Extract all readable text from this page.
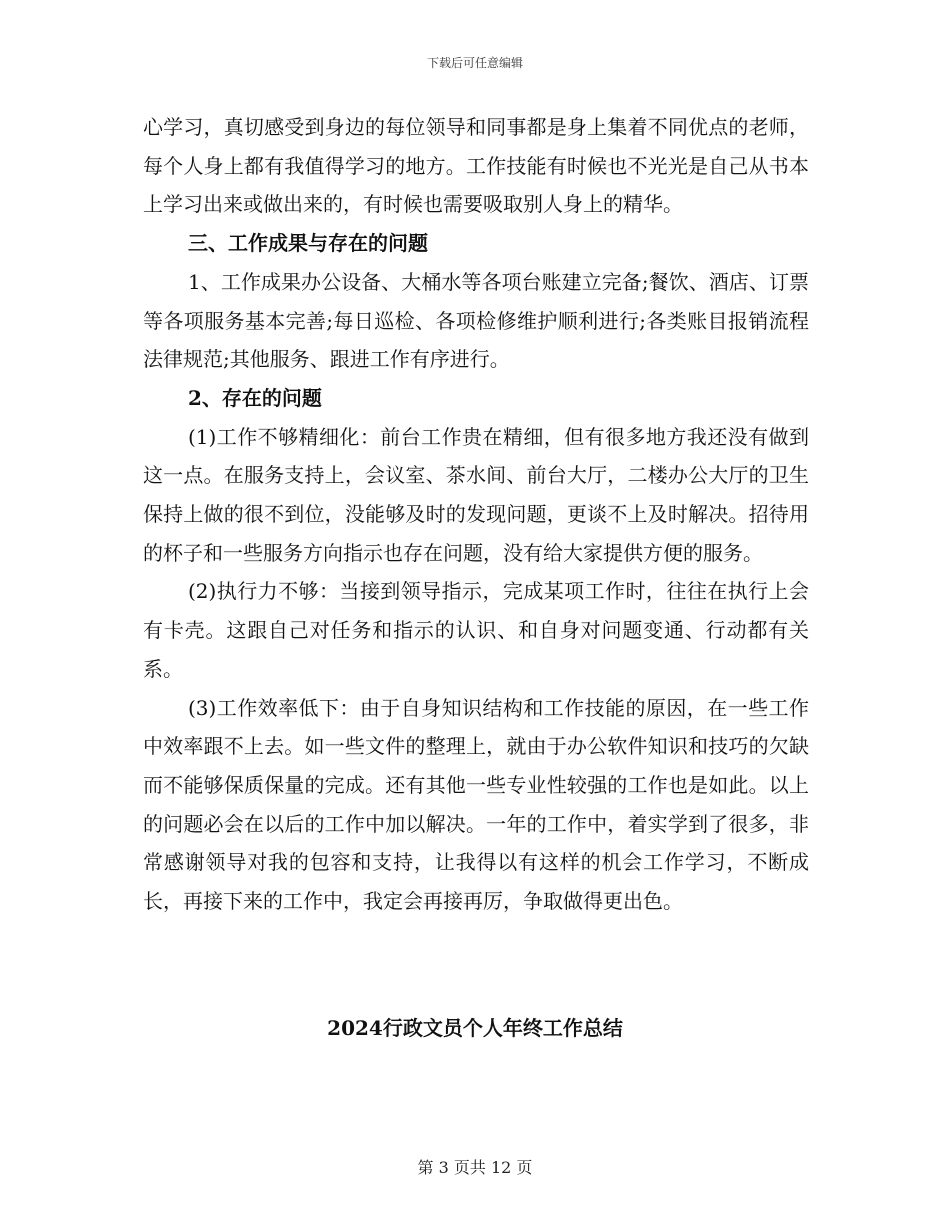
下载后可任意编辑

心学习，真切感受到身边的每位领导和同事都是身上集着不同优点的老师，每个人身上都有我值得学习的地方。工作技能有时候也不光光是自己从书本上学习出来或做出来的，有时候也需要吸取别人身上的精华。

三、工作成果与存在的问题

1、工作成果办公设备、大桶水等各项台账建立完备;餐饮、酒店、订票等各项服务基本完善;每日巡检、各项检修维护顺利进行;各类账目报销流程法律规范;其他服务、跟进工作有序进行。

2、存在的问题

(1)工作不够精细化：前台工作贵在精细，但有很多地方我还没有做到这一点。在服务支持上，会议室、茶水间、前台大厅，二楼办公大厅的卫生保持上做的很不到位，没能够及时的发现问题，更谈不上及时解决。招待用的杯子和一些服务方向指示也存在问题，没有给大家提供方便的服务。

(2)执行力不够：当接到领导指示，完成某项工作时，往往在执行上会有卡壳。这跟自己对任务和指示的认识、和自身对问题变通、行动都有关系。

(3)工作效率低下：由于自身知识结构和工作技能的原因，在一些工作中效率跟不上去。如一些文件的整理上，就由于办公软件知识和技巧的欠缺而不能够保质保量的完成。还有其他一些专业性较强的工作也是如此。以上的问题必会在以后的工作中加以解决。一年的工作中，着实学到了很多，非常感谢领导对我的包容和支持，让我得以有这样的机会工作学习，不断成长，再接下来的工作中，我定会再接再厉，争取做得更出色。

2024行政文员个人年终工作总结
第 3 页共 12 页
